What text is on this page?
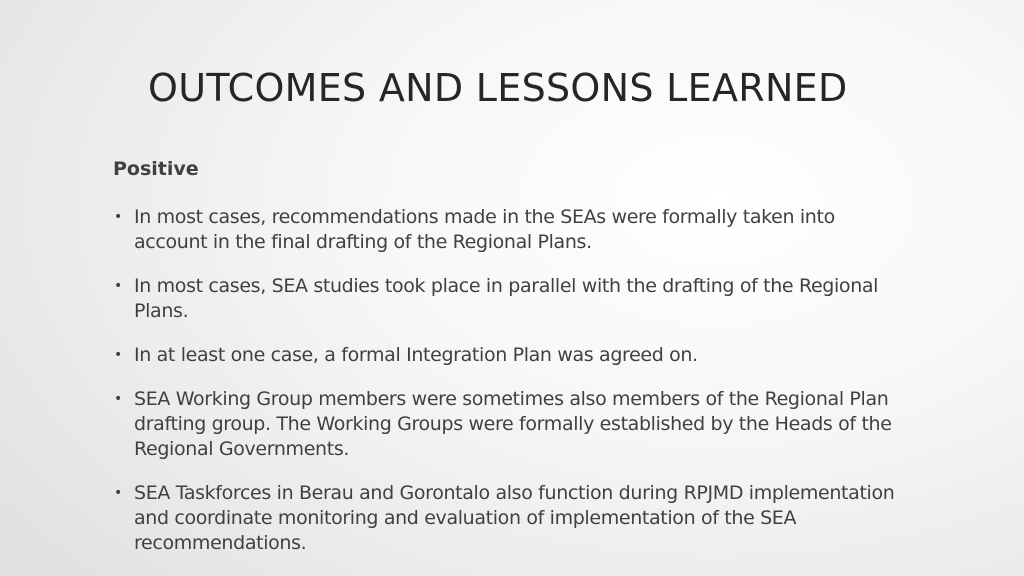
OUTCOMES AND LESSONS LEARNED
Positive
• In most cases, recommendations made in the SEAs were formally taken into account in the final drafting of the Regional Plans.
• In most cases, SEA studies took place in parallel with the drafting of the Regional Plans.
• In at least one case, a formal Integration Plan was agreed on.
• SEA Working Group members were sometimes also members of the Regional Plan drafting group. The Working Groups were formally established by the Heads of the Regional Governments.
• SEA Taskforces in Berau and Gorontalo also function during RPJMD implementation and coordinate monitoring and evaluation of implementation of the SEA recommendations.
